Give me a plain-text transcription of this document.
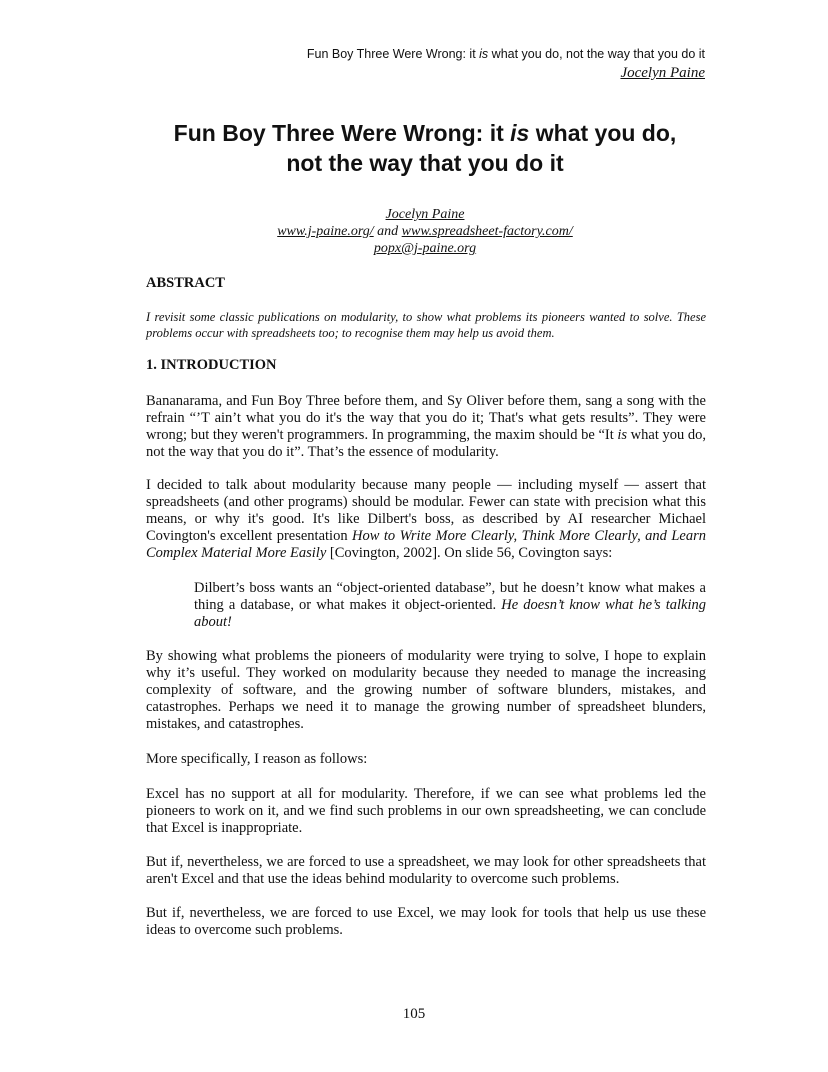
Fun Boy Three Were Wrong: it is what you do, not the way that you do it
Jocelyn Paine
Fun Boy Three Were Wrong: it is what you do,
not the way that you do it
Jocelyn Paine
www.j-paine.org/ and www.spreadsheet-factory.com/
popx@j-paine.org
ABSTRACT
I revisit some classic publications on modularity, to show what problems its pioneers wanted to solve. These problems occur with spreadsheets too; to recognise them may help us avoid them.
1. INTRODUCTION
Bananarama, and Fun Boy Three before them, and Sy Oliver before them, sang a song with the refrain “’T ain’t what you do it's the way that you do it; That's what gets results”. They were wrong; but they weren't programmers. In programming, the maxim should be “It is what you do, not the way that you do it”. That’s the essence of modularity.
I decided to talk about modularity because many people — including myself — assert that spreadsheets (and other programs) should be modular. Fewer can state with precision what this means, or why it's good. It's like Dilbert's boss, as described by AI researcher Michael Covington's excellent presentation How to Write More Clearly, Think More Clearly, and Learn Complex Material More Easily [Covington, 2002]. On slide 56, Covington says:
Dilbert’s boss wants an “object-oriented database”, but he doesn’t know what makes a thing a database, or what makes it object-oriented. He doesn’t know what he’s talking about!
By showing what problems the pioneers of modularity were trying to solve, I hope to explain why it’s useful. They worked on modularity because they needed to manage the increasing complexity of software, and the growing number of software blunders, mistakes, and catastrophes. Perhaps we need it to manage the growing number of spreadsheet blunders, mistakes, and catastrophes.
More specifically, I reason as follows:
Excel has no support at all for modularity. Therefore, if we can see what problems led the pioneers to work on it, and we find such problems in our own spreadsheeting, we can conclude that Excel is inappropriate.
But if, nevertheless, we are forced to use a spreadsheet, we may look for other spreadsheets that aren't Excel and that use the ideas behind modularity to overcome such problems.
But if, nevertheless, we are forced to use Excel, we may look for tools that help us use these ideas to overcome such problems.
105
